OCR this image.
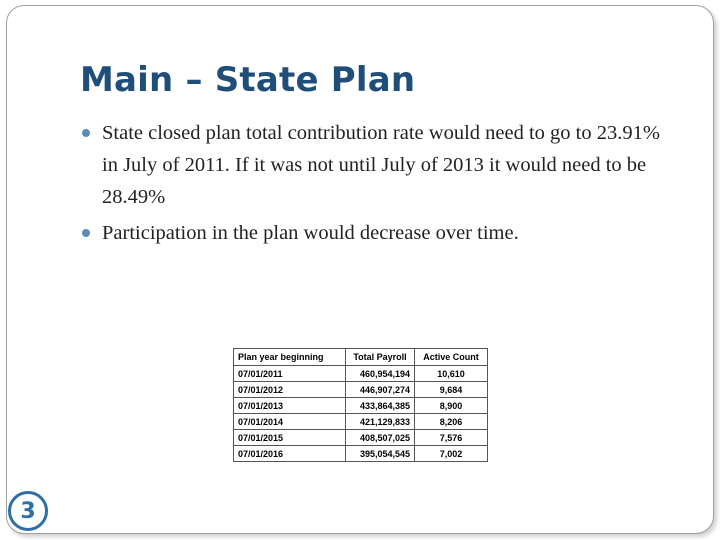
Main – State Plan
State closed plan total contribution rate would need to go to 23.91% in July of 2011. If it was not until July of 2013 it would need to be 28.49%
Participation in the plan would decrease over time.
Plan year beginning	Total Payroll	Active Count
07/01/2011	460,954,194	10,610
07/01/2012	446,907,274	9,684
07/01/2013	433,864,385	8,900
07/01/2014	421,129,833	8,206
07/01/2015	408,507,025	7,576
07/01/2016	395,054,545	7,002
3
